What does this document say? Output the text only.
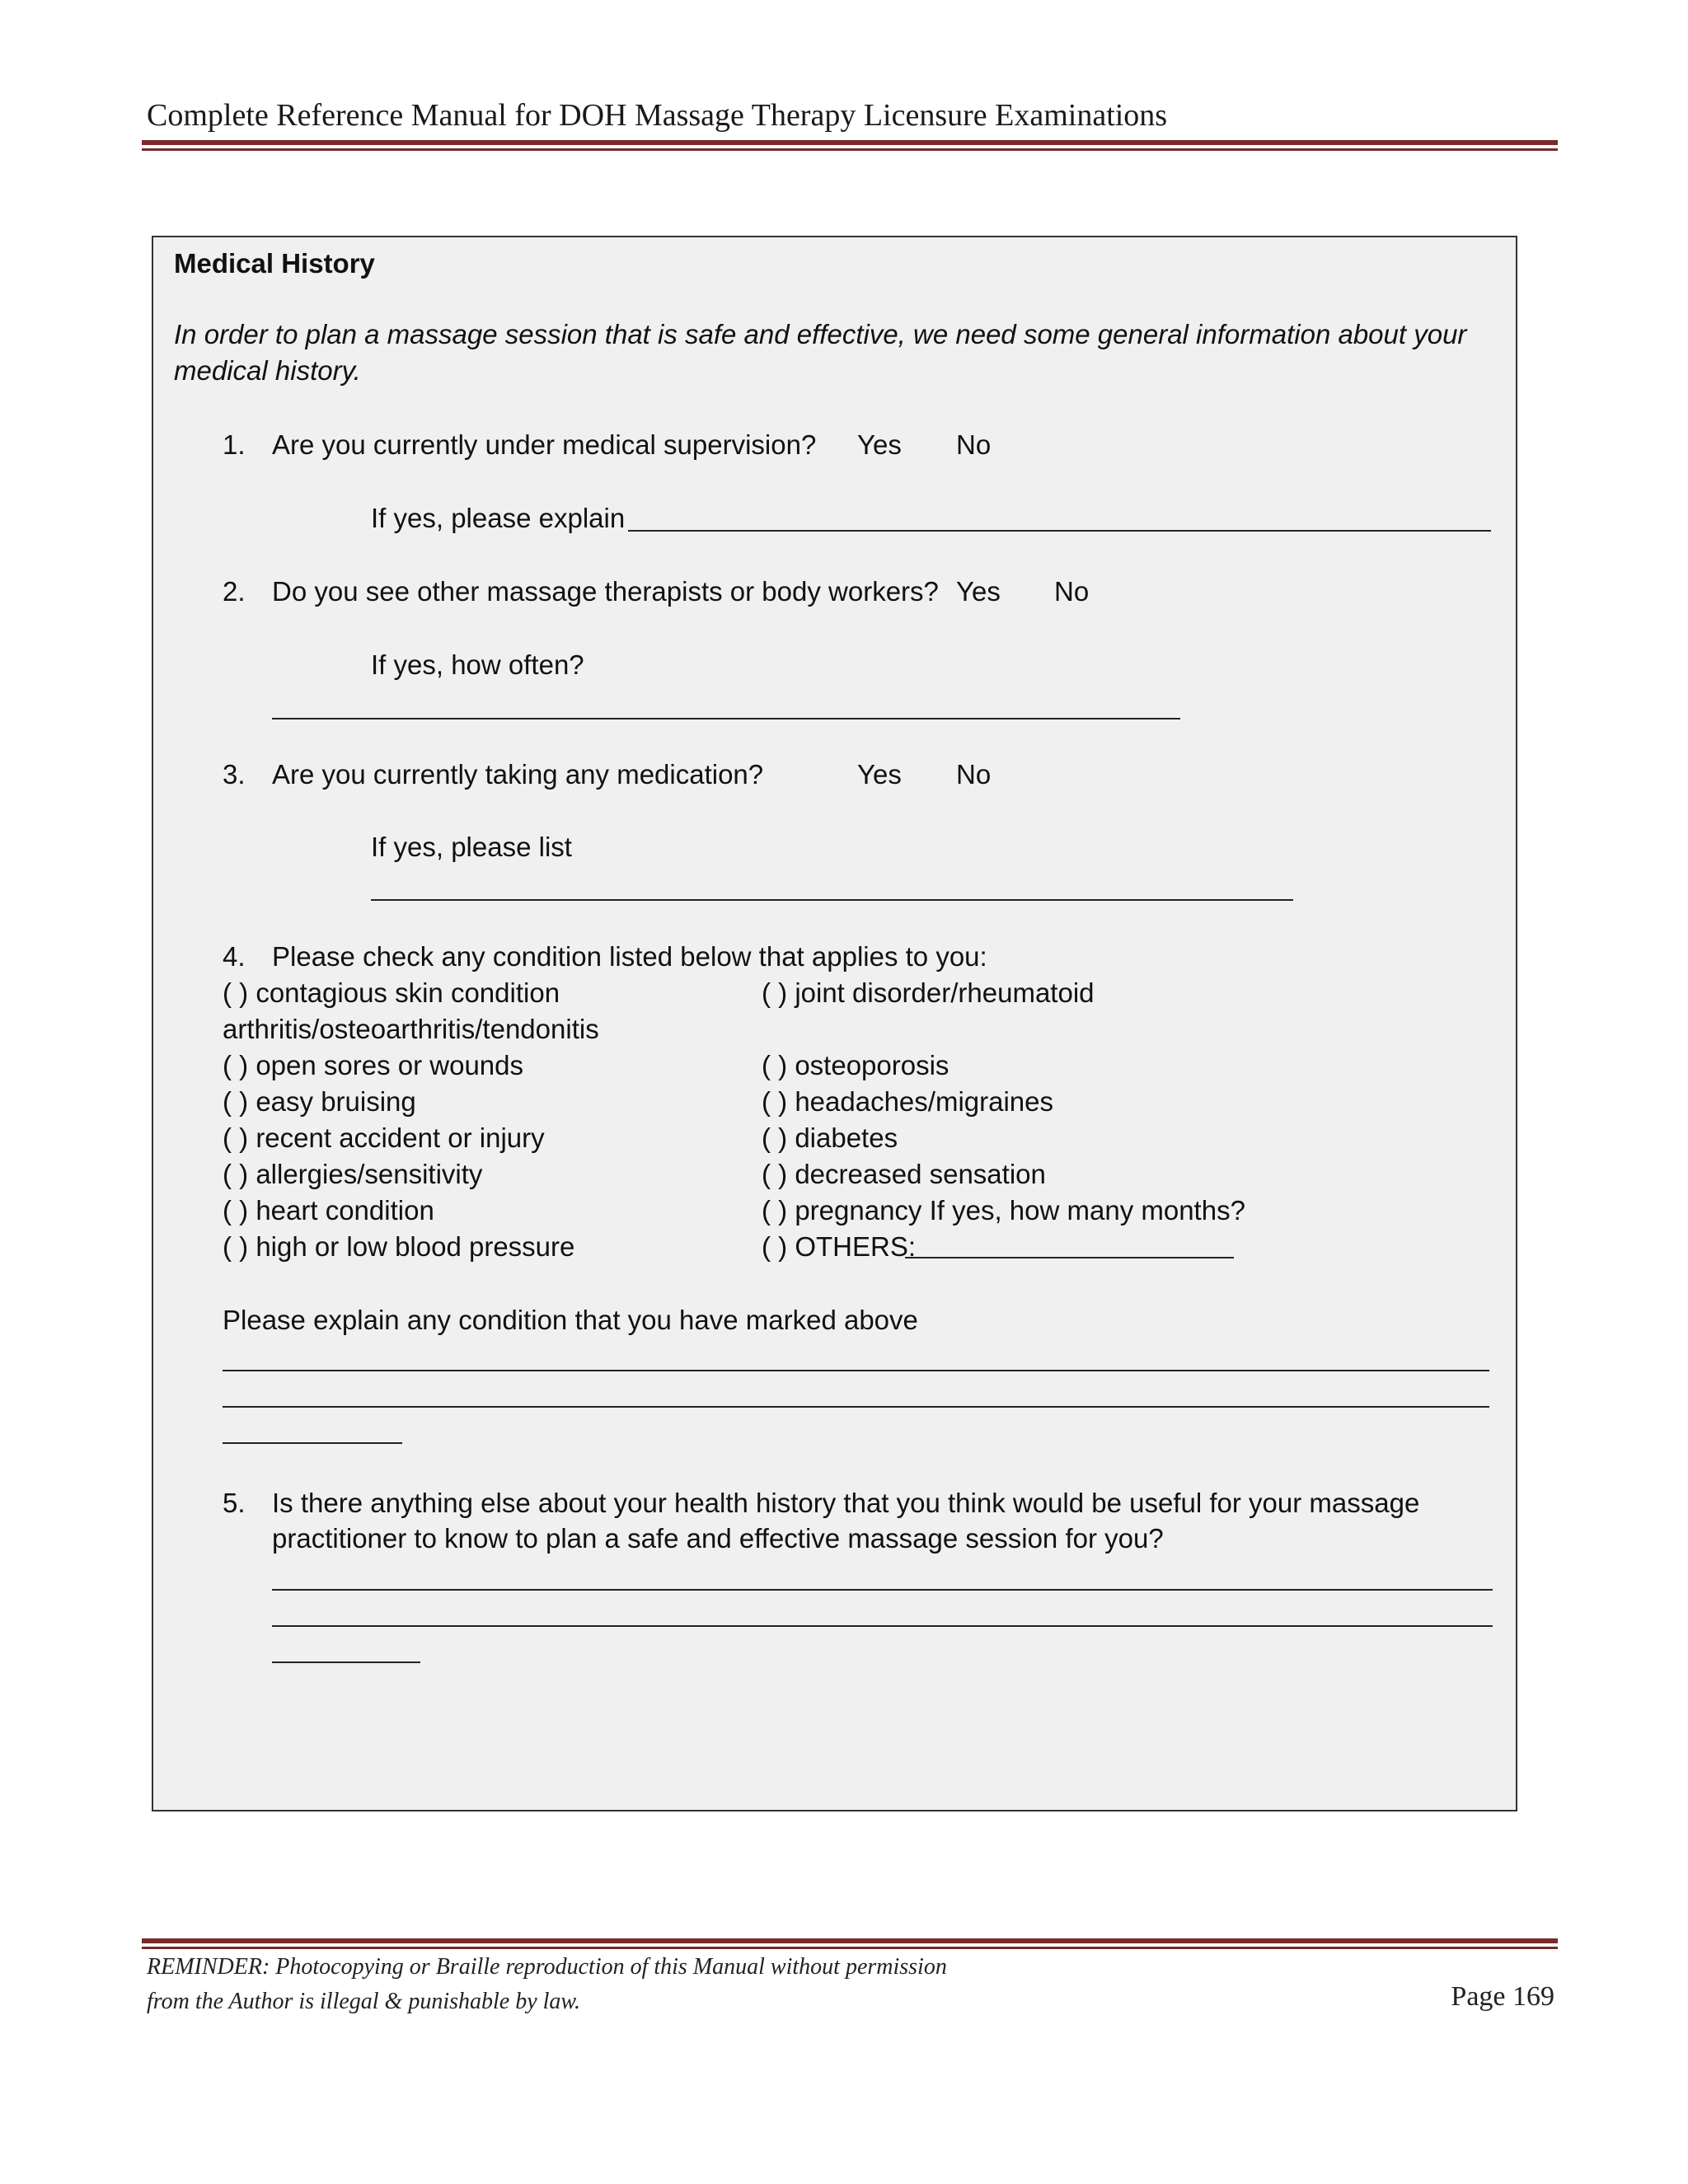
Complete Reference Manual for DOH Massage Therapy Licensure Examinations
Medical History
In order to plan a massage session that is safe and effective, we need some general information about your medical history.
1. Are you currently under medical supervision? Yes No
If yes, please explain
2. Do you see other massage therapists or body workers? Yes No
If yes, how often?
3. Are you currently taking any medication?	Yes No
If yes, please list
4. Please check any condition listed below that applies to you:
( ) contagious skin condition
arthritis/osteoarthritis/tendonitis
( ) open sores or wounds
( ) easy bruising
( ) recent accident or injury
( ) allergies/sensitivity
( ) heart condition
( ) high or low blood pressure
( ) joint disorder/rheumatoid
( ) osteoporosis
( ) headaches/migraines
( ) diabetes
( ) decreased sensation
( ) pregnancy If yes, how many months?
( ) OTHERS:
Please explain any condition that you have marked above
5. Is there anything else about your health history that you think would be useful for your massage
practitioner to know to plan a safe and effective massage session for you?
REMINDER: Photocopying or Braille reproduction of this Manual without permission
from the Author is illegal & punishable by law.	Page 169
